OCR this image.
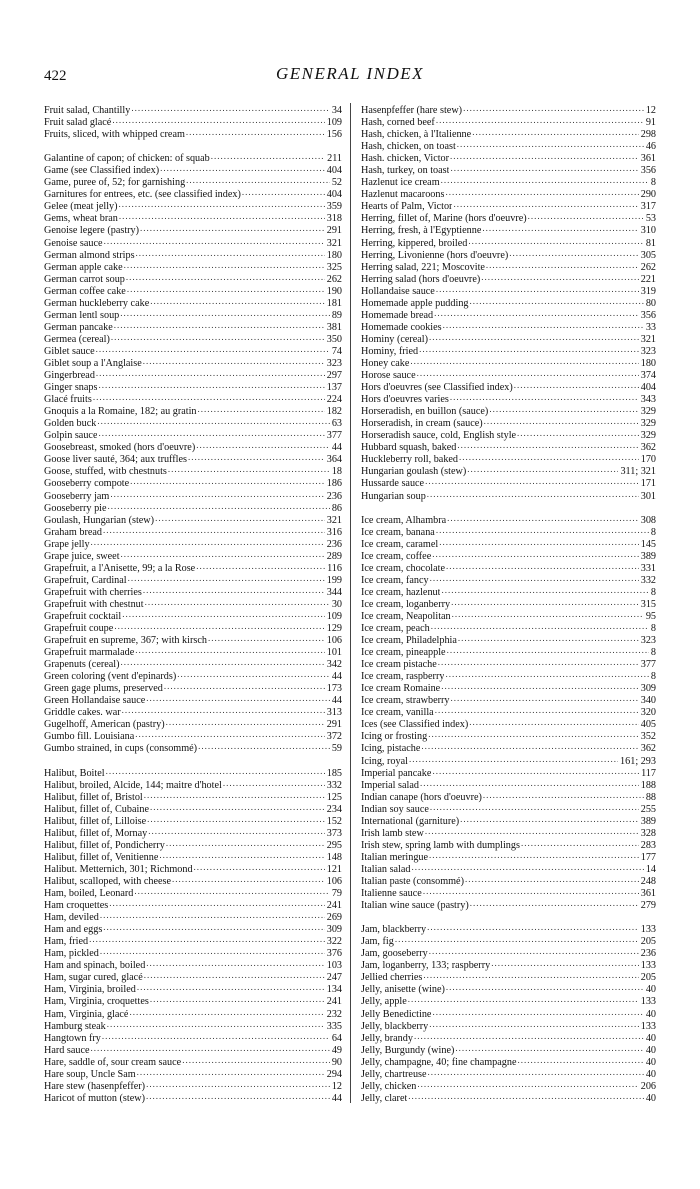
422	GENERAL INDEX
Fruit salad, Chantilly .....	34
Fruit salad glacé .....	109
Fruits, sliced, with whipped cream .....	156
Galantine of capon; of chicken: of squab .....	211
Game (see Classified index) .....	404
Game, puree of, 52; for garnishing .....	52
Garnitures for entrees, etc. (see classified index) .....	404
Gelee (meat jelly) .....	359
Gems, wheat bran .....	318
Genoise legere (pastry) .....	291
Genoise sauce .....	321
German almond strips .....	180
German apple cake .....	325
German carrot soup .....	262
German coffee cake .....	190
German huckleberry cake .....	181
German lentl soup .....	89
German pancake .....	381
Germea (cereal) .....	350
Giblet sauce .....	74
Giblet soup a l'Anglaise .....	323
Gingerbread .....	297
Ginger snaps .....	137
Glacé fruits .....	224
Gnoquis a la Romaine, 182; au gratin .....	182
Golden buck .....	63
Golpin sauce .....	377
Goosebreast, smoked (hors d'oeuvre) .....	44
Goose liver sauté, 364; aux truffles .....	364
Goose, stuffed, witb chestnuts .....	18
Gooseberry compote .....	186
Gooseberry jam .....	236
Gooseberry pie .....	86
Goulash, Hungarian (stew) .....	321
Graham bread .....	316
Grape jelly .....	236
Grape juice, sweet .....	289
Grapefruit, a l'Anisette, 99; a la Rose .....	116
Grapefruit, Cardinal .....	199
Grapefruit with cherries .....	344
Grapefruit with chestnut .....	30
Grapefruit cocktail .....	109
Grapefruit coupe .....	129
Grapefruit en supreme, 367; with kirsch .....	106
Grapefruit marmalade .....	101
Grapenuts (cereal) .....	342
Green coloring (vent d'epinards) .....	44
Green gage plums, preserved .....	173
Green Hollandaise sauce .....	44
Griddle cakes. war .....	313
Gugelhoff, American (pastry) .....	291
Gumbo fill. Louisiana .....	372
Gumbo strained, in cups (consommé) .....	59
Halibut, Boitel .....	185
Halibut, broiled, Alcide, 144; maitre d'hotel .....	332
Halibut, fillet of, Bristol .....	125
Halibut, fillet of, Cubaine .....	234
Halibut, fillet of, Lilloise .....	152
Halibut, fillet of, Mornay .....	373
Halibut, fillet of, Pondicherry .....	295
Halibut, fillet of, Venitienne .....	148
Halibut. Metternich, 301; Richmond .....	121
Halibut, scalloped, with cheese .....	106
Ham, boiled, Leonard .....	79
Ham croquettes .....	241
Ham, deviled .....	269
Ham and eggs .....	309
Ham, fried .....	322
Ham, pickled .....	376
Ham and spinach, boiled .....	103
Ham, sugar cured, glacé .....	247
Ham, Virginia, broiled .....	134
Ham, Virginia, croquettes .....	241
Ham, Virginia, glacé .....	232
Hamburg steak .....	335
Hangtown fry .....	64
Hard sauce .....	49
Hare, saddle of, sour cream sauce .....	90
Hare soup, Uncle Sam .....	294
Hare stew (hasenpfeffer) .....	12
Haricot of mutton (stew) .....	44
Hasenpfeffer (hare stew) .....	12
Hash, corned beef .....	91
Hash, chicken, à l'Italienne .....	298
Hash, chicken, on toast .....	46
Hash. chicken, Victor .....	361
Hash, turkey, on toast .....	356
Hazlenut ice cream .....	8
Hazlenut macaroons .....	290
Hearts of Palm, Victor .....	317
Herring, fillet of, Marine (hors d'oeuvre) .....	53
Herring, fresh, à l'Egyptienne .....	310
Herring, kippered, broiled .....	81
Herring, Livonienne (hors d'oeuvre) .....	305
Herring salad, 221; Moscovite .....	262
Herring salad (hors d'oeuvre) .....	221
Hollandaise sauce .....	319
Homemade apple pudding .....	80
Homemade bread .....	356
Homemade cookies .....	33
Hominy (cereal) .....	321
Hominy, fried .....	323
Honey cake .....	180
Horose sauce .....	374
Hors d'oeuvres (see Classified index) .....	404
Hors d'oeuvres varies .....	343
Horseradish, en buillon (sauce) .....	329
Horseradish, in cream (sauce) .....	329
Horseradish sauce, cold, English style .....	329
Hubbard squash, baked .....	362
Huckleberry roll, baked .....	170
Hungarian goulash (stew) .....	311; 321
Hussarde sauce .....	171
Hungarian soup .....	301
Ice cream, Alhambra .....	308
Ice cream, banana .....	8
Ice cream, caramel .....	145
Ice cream, coffee .....	389
Ice cream, chocolate .....	331
Ice cream, fancy .....	332
Ice cream, hazlenut .....	8
Ice cream, loganberry .....	315
Ice cream, Neapolitan .....	95
Ice cream, peach .....	8
Ice cream, Philadelphia .....	323
Ice cream, pineapple .....	8
Ice cream pistache .....	377
Ice cream, raspberry .....	8
Ice cream Romaine .....	309
Ice cream, strawberry .....	340
Ice cream, vanilla .....	320
Ices (see Classified index) .....	405
Icing or frosting .....	352
Icing, pistache .....	362
Icing, royal .....	161; 293
Imperial pancake .....	117
Imperial salad .....	188
Indian canape (hors d'oeuvre) .....	88
Indian soy sauce .....	255
International (garniture) .....	389
Irish lamb stew .....	328
Irish stew, spring lamb with dumplings .....	283
Italian meringue .....	177
Italian salad .....	14
Italian paste (consommé) .....	248
Italienne sauce .....	361
Italian wine sauce (pastry) .....	279
Jam, blackberry .....	133
Jam, fig .....	205
Jam, gooseberry .....	236
Jam, loganberry, 133; raspberry .....	133
Jellied cherries .....	205
Jelly, anisette (wine) .....	40
Jelly, apple .....	133
Jelly Benedictine .....	40
Jelly, blackberry .....	133
Jelly, brandy .....	40
Jelly, Burgundy (wine) .....	40
Jelly, champagne, 40; fine champagne .....	40
Jelly, chartreuse .....	40
Jelly, chicken .....	206
Jelly, claret .....	40
